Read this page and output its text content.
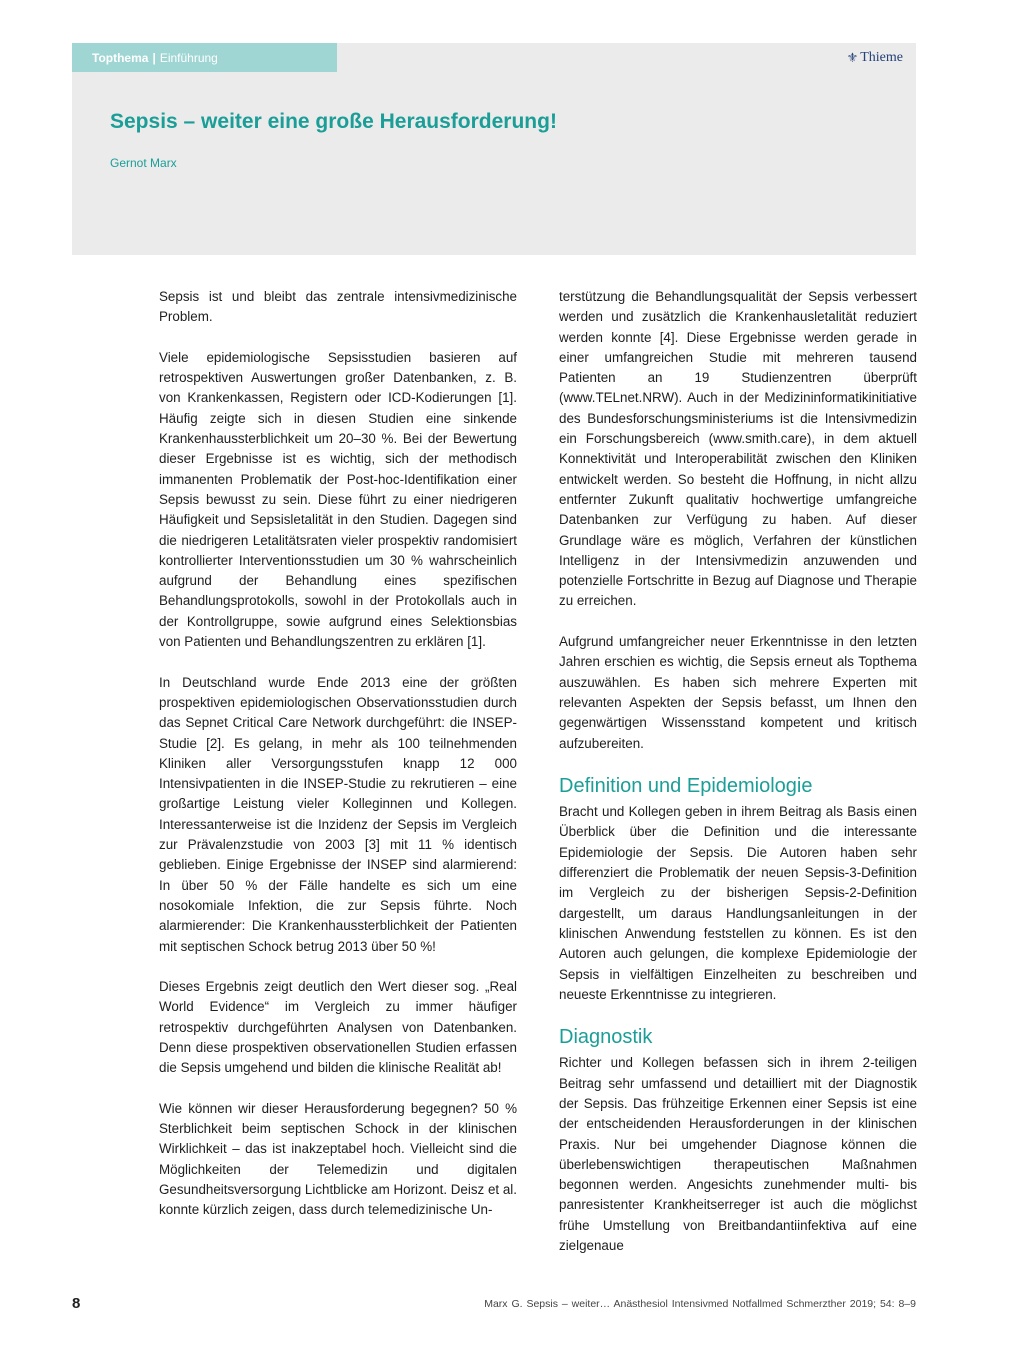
Topthema | Einführung	⚜ Thieme
Sepsis – weiter eine große Herausforderung!
Gernot Marx

Sepsis ist und bleibt das zentrale intensivmedizinische Problem.

Viele epidemiologische Sepsisstudien basieren auf retrospektiven Auswertungen großer Datenbanken, z. B. von Krankenkassen, Registern oder ICD-Kodierungen [1]. Häufig zeigte sich in diesen Studien eine sinkende Krankenhaussterblichkeit um 20–30 %. Bei der Bewertung dieser Ergebnisse ist es wichtig, sich der methodisch immanenten Problematik der Post-hoc-Identifikation einer Sepsis bewusst zu sein. Diese führt zu einer niedrigeren Häufigkeit und Sepsisletalität in den Studien. Dagegen sind die niedrigeren Letalitätsraten vieler prospektiv randomisiert kontrollierter Interventionsstudien um 30 % wahrscheinlich aufgrund der Behandlung eines spezifischen Behandlungsprotokolls, sowohl in der Protokollals auch in der Kontrollgruppe, sowie aufgrund eines Selektionsbias von Patienten und Behandlungszentren zu erklären [1].

In Deutschland wurde Ende 2013 eine der größten prospektiven epidemiologischen Observationsstudien durch das Sepnet Critical Care Network durchgeführt: die INSEP-Studie [2]. Es gelang, in mehr als 100 teilnehmenden Kliniken aller Versorgungsstufen knapp 12 000 Intensivpatienten in die INSEP-Studie zu rekrutieren – eine großartige Leistung vieler Kolleginnen und Kollegen. Interessanterweise ist die Inzidenz der Sepsis im Vergleich zur Prävalenzstudie von 2003 [3] mit 11 % identisch geblieben. Einige Ergebnisse der INSEP sind alarmierend: In über 50 % der Fälle handelte es sich um eine nosokomiale Infektion, die zur Sepsis führte. Noch alarmierender: Die Krankenhaussterblichkeit der Patienten mit septischen Schock betrug 2013 über 50 %!

Dieses Ergebnis zeigt deutlich den Wert dieser sog. „Real World Evidence“ im Vergleich zu immer häufiger retrospektiv durchgeführten Analysen von Datenbanken. Denn diese prospektiven observationellen Studien erfassen die Sepsis umgehend und bilden die klinische Realität ab!

Wie können wir dieser Herausforderung begegnen? 50 % Sterblichkeit beim septischen Schock in der klinischen Wirklichkeit – das ist inakzeptabel hoch. Vielleicht sind die Möglichkeiten der Telemedizin und digitalen Gesundheitsversorgung Lichtblicke am Horizont. Deisz et al. konnte kürzlich zeigen, dass durch telemedizinische Un-

terstützung die Behandlungsqualität der Sepsis verbessert werden und zusätzlich die Krankenhausletalität reduziert werden konnte [4]. Diese Ergebnisse werden gerade in einer umfangreichen Studie mit mehreren tausend Patienten an 19 Studienzentren überprüft (www.TELnet.NRW). Auch in der Medizininformatikinitiative des Bundesforschungsministeriums ist die Intensivmedizin ein Forschungsbereich (www.smith.care), in dem aktuell Konnektivität und Interoperabilität zwischen den Kliniken entwickelt werden. So besteht die Hoffnung, in nicht allzu entfernter Zukunft qualitativ hochwertige umfangreiche Datenbanken zur Verfügung zu haben. Auf dieser Grundlage wäre es möglich, Verfahren der künstlichen Intelligenz in der Intensivmedizin anzuwenden und potenzielle Fortschritte in Bezug auf Diagnose und Therapie zu erreichen.

Aufgrund umfangreicher neuer Erkenntnisse in den letzten Jahren erschien es wichtig, die Sepsis erneut als Topthema auszuwählen. Es haben sich mehrere Experten mit relevanten Aspekten der Sepsis befasst, um Ihnen den gegenwärtigen Wissensstand kompetent und kritisch aufzubereiten.

Definition und Epidemiologie

Bracht und Kollegen geben in ihrem Beitrag als Basis einen Überblick über die Definition und die interessante Epidemiologie der Sepsis. Die Autoren haben sehr differenziert die Problematik der neuen Sepsis-3-Definition im Vergleich zu der bisherigen Sepsis-2-Definition dargestellt, um daraus Handlungsanleitungen in der klinischen Anwendung feststellen zu können. Es ist den Autoren auch gelungen, die komplexe Epidemiologie der Sepsis in vielfältigen Einzelheiten zu beschreiben und neueste Erkenntnisse zu integrieren.

Diagnostik

Richter und Kollegen befassen sich in ihrem 2-teiligen Beitrag sehr umfassend und detailliert mit der Diagnostik der Sepsis. Das frühzeitige Erkennen einer Sepsis ist eine der entscheidenden Herausforderungen in der klinischen Praxis. Nur bei umgehender Diagnose können die überlebenswichtigen therapeutischen Maßnahmen begonnen werden. Angesichts zunehmender multi- bis panresistenter Krankheitserreger ist auch die möglichst frühe Umstellung von Breitbandantiinfektiva auf eine zielgenaue

8	Marx G. Sepsis – weiter… Anästhesiol Intensivmed Notfallmed Schmerzther 2019; 54: 8–9
